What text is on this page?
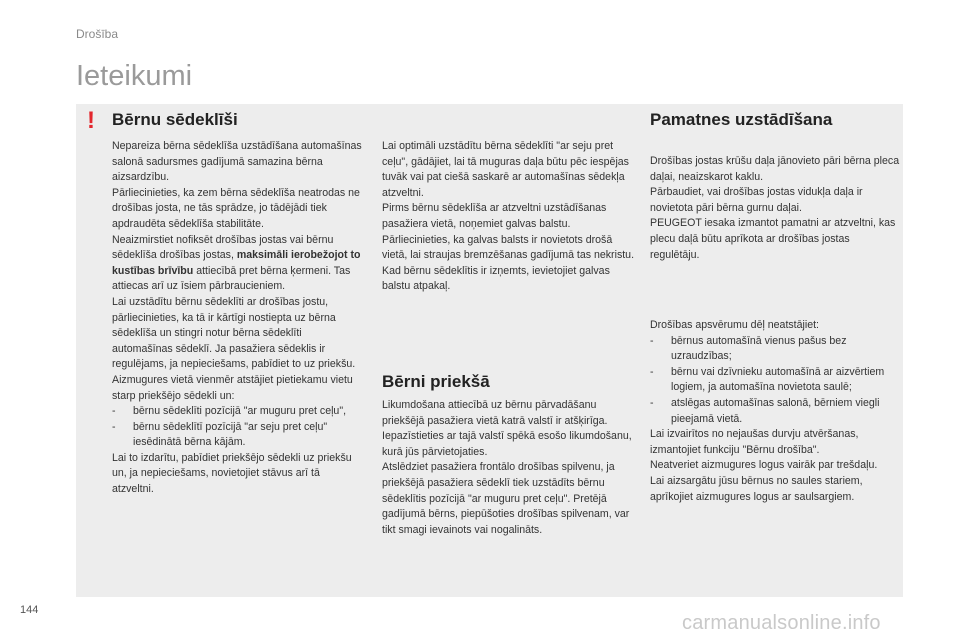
Drošība
Ieteikumi
! Bērnu sēdeklīši	Pamatnes uzstādīšana
Bērni priekšā

Nepareiza bērna sēdeklīša uzstādīšana automašīnas salonā sadursmes gadījumā samazina bērna aizsardzību.

Pārliecinieties, ka zem bērna sēdeklīša neatrodas ne drošības josta, ne tās sprādze, jo tādējādi tiek apdraudēta sēdeklīša stabilitāte.

Neaizmirstiet nofiksēt drošības jostas vai bērnu sēdeklīša drošības jostas, maksimāli ierobežojot to kustības brīvību attiecībā pret bērna ķermeni. Tas attiecas arī uz īsiem pārbraucieniem.

Lai uzstādītu bērnu sēdeklīti ar drošības jostu, pārliecinieties, ka tā ir kārtīgi nostiepta uz bērna sēdeklīša un stingri notur bērna sēdeklīti automašīnas sēdeklī. Ja pasažiera sēdeklis ir regulējams, ja nepieciešams, pabīdiet to uz priekšu.

Aizmugures vietā vienmēr atstājiet pietiekamu vietu starp priekšējo sēdekli un:

- bērnu sēdeklīti pozīcijā "ar muguru pret ceļu",
- bērnu sēdeklītī pozīcijā "ar seju pret ceļu" iesēdinātā bērna kājām.

Lai to izdarītu, pabīdiet priekšējo sēdekli uz priekšu un, ja nepieciešams, novietojiet stāvus arī tā atzveltni.

Lai optimāli uzstādītu bērna sēdeklīti "ar seju pret ceļu", gādājiet, lai tā muguras daļa būtu pēc iespējas tuvāk vai pat ciešā saskarē ar automašīnas sēdekļa atzveltni.

Pirms bērnu sēdeklīša ar atzveltni uzstādīšanas pasažiera vietā, noņemiet galvas balstu.

Pārliecinieties, ka galvas balsts ir novietots drošā vietā, lai straujas bremzēšanas gadījumā tas nekristu.

Kad bērnu sēdeklītis ir izņemts, ievietojiet galvas balstu atpakaļ.

Likumdošana attiecībā uz bērnu pārvadāšanu priekšējā pasažiera vietā katrā valstī ir atšķirīga. Iepazīstieties ar tajā valstī spēkā esošo likumdošanu, kurā jūs pārvietojaties.

Atslēdziet pasažiera frontālo drošības spilvenu, ja priekšējā pasažiera sēdeklī tiek uzstādīts bērnu sēdeklītis pozīcijā "ar muguru pret ceļu". Pretējā gadījumā bērns, piepūšoties drošības spilvenam, var tikt smagi ievainots vai nogalināts.

Drošības jostas krūšu daļa jānovieto pāri bērna pleca daļai, neaizskarot kaklu.

Pārbaudiet, vai drošības jostas vidukļa daļa ir novietota pāri bērna gurnu daļai.

PEUGEOT iesaka izmantot pamatni ar atzveltni, kas plecu daļā būtu aprīkota ar drošības jostas regulētāju.

Drošības apsvērumu dēļ neatstājiet:

- bērnus automašīnā vienus pašus bez uzraudzības;
- bērnu vai dzīvnieku automašīnā ar aizvērtiem logiem, ja automašīna novietota saulē;
- atslēgas automašīnas salonā, bērniem viegli pieejamā vietā.

Lai izvairītos no nejaušas durvju atvēršanas, izmantojiet funkciju "Bērnu drošība".

Neatveriet aizmugures logus vairāk par trešdaļu.

Lai aizsargātu jūsu bērnus no saules stariem, aprīkojiet aizmugures logus ar saulsargiem.

144
carmanualsonline.info
